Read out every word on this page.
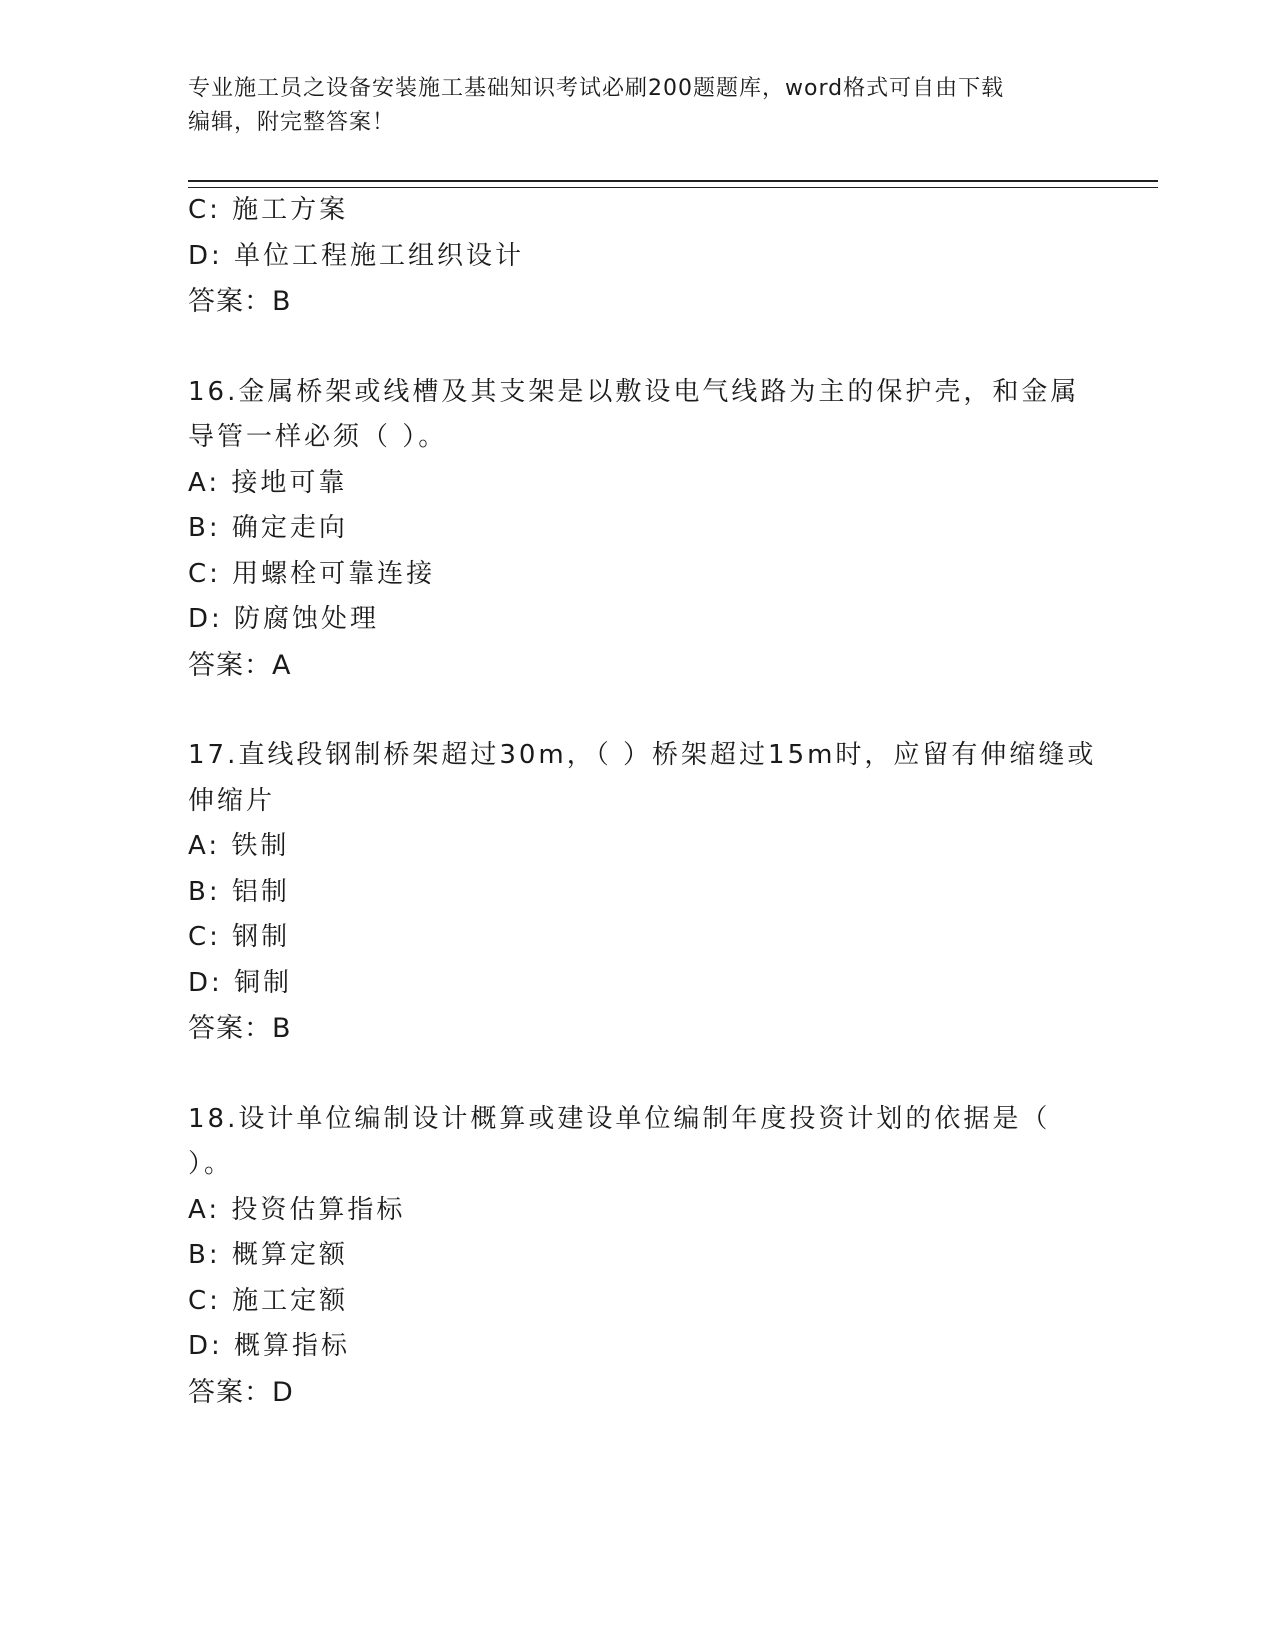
专业施工员之设备安装施工基础知识考试必刷200题题库，word格式可自由下载
编辑，附完整答案！
C: 施工方案
D: 单位工程施工组织设计
答案：B
16.金属桥架或线槽及其支架是以敷设电气线路为主的保护壳，和金属
导管一样必须（ ）。
A: 接地可靠
B: 确定走向
C: 用螺栓可靠连接
D: 防腐蚀处理
答案：A
17.直线段钢制桥架超过30m，（ ）桥架超过15m时，应留有伸缩缝或
伸缩片
A: 铁制
B: 铝制
C: 钢制
D: 铜制
答案：B
18.设计单位编制设计概算或建设单位编制年度投资计划的依据是（
）。
A: 投资估算指标
B: 概算定额
C: 施工定额
D: 概算指标
答案：D
